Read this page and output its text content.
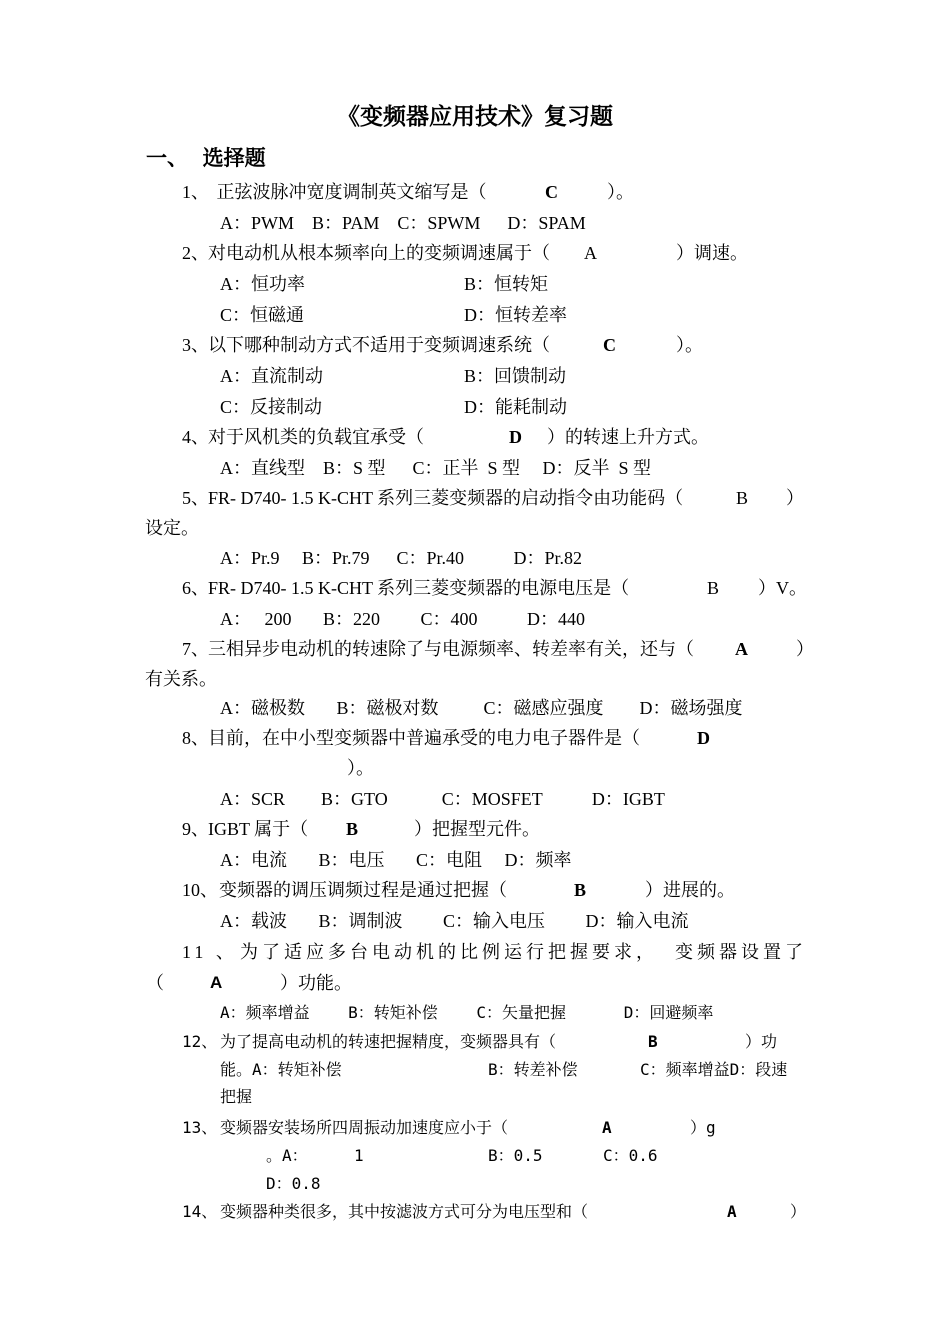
《变频器应用技术》复习题
一、  选择题
1、 正弦波脉冲宽度调制英文缩写是（	C	）。
A：PWM    B：PAM    C：SPWM      D：SPAM
2、 对电动机从根本频率向上的变频调速属于（ A	）调速。
A：恒功率	B：恒转矩
C：恒磁通	D：恒转差率
3、 以下哪种制动方式不适用于变频调速系统（	C	）。
A：直流制动	B：回馈制动
C：反接制动	D：能耗制动
4、 对于风机类的负载宜承受（	D ）的转速上升方式。
A：直线型    B：S 型      C：正半  S 型     D：反半  S 型
5、 FR- D740- 1.5 K-CHT 系列三菱变频器的启动指令由功能码（	B ）
设定。
A：Pr.9     B：Pr.79      C：Pr.40           D：Pr.82
6、 FR- D740- 1.5 K-CHT 系列三菱变频器的电源电压是（	B ）V。
A：   200       B：220         C：400           D：440
7、 三相异步电动机的转速除了与电源频率、转差率有关，还与（ A	）
有关系。
A：磁极数       B：磁极对数          C：磁感应强度        D：磁场强度
8、 目前，在中小型变频器中普遍承受的电力电子器件是（	D
）。
A：SCR        B：GTO            C：MOSFET           D：IGBT
9、 IGBT 属于（ B	）把握型元件。
A：电流       B：电压       C：电阻     D：频率
10、 变频器的调压调频过程是通过把握（	B	）进展的。
A：载波       B：调制波         C：输入电压         D：输入电流
11 、 为了适应多台电动机的比例运行把握要求，  变频器设置了
（	A	）功能。
A：频率增益    B：转矩补偿    C：矢量把握      D：回避频率
12、 为了提高电动机的转速把握精度，变频器具有（	B	）功
能。A：转矩补偿	B：转差补偿	C：频率增益D：段速
把握
13、 变频器安装场所四周振动加速度应小于（	A	）g
。A：	1	B：0.5	C：0.6
D：0.8
14、 变频器种类很多，其中按滤波方式可分为电压型和（	A	）
